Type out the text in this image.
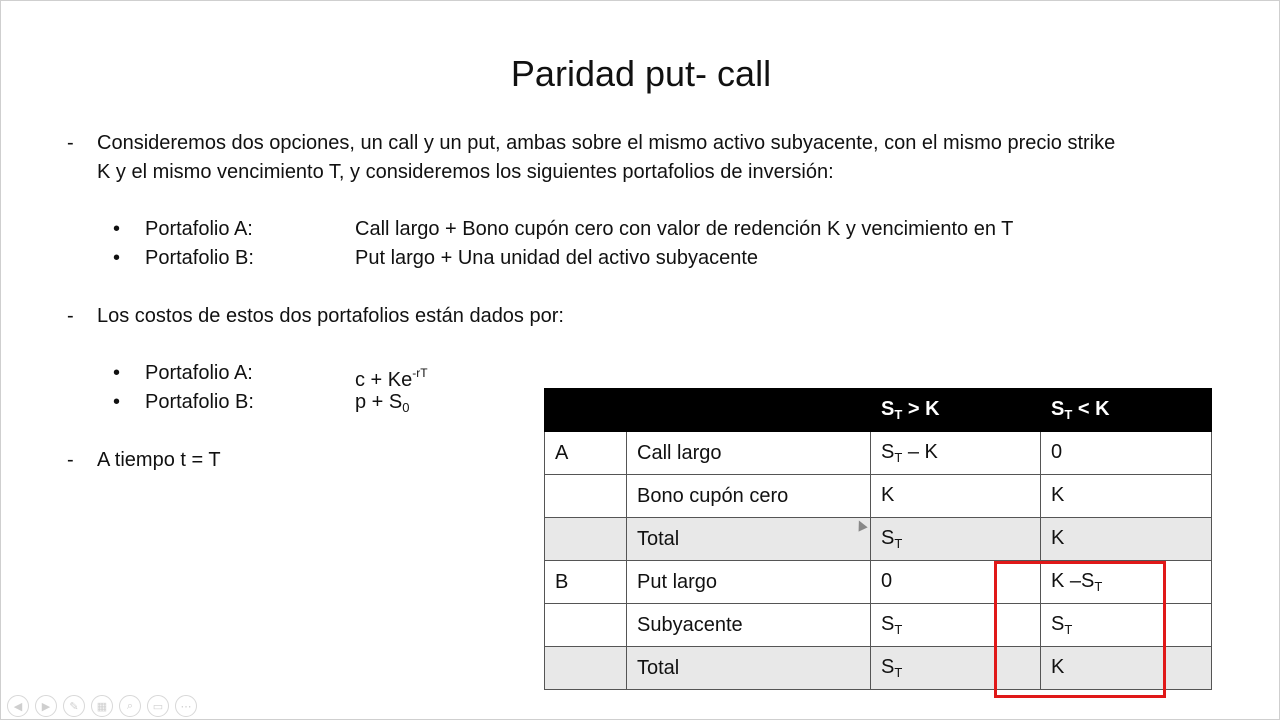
Paridad put- call
- Consideremos dos opciones, un call y un put, ambas sobre el mismo activo subyacente, con el mismo precio strike
K y el mismo vencimiento T, y consideremos los siguientes portafolios de inversión:
• Portafolio A:	Call largo + Bono cupón cero con valor de redención K y vencimiento en T
• Portafolio B:	Put largo + Una unidad del activo subyacente
- Los costos de estos dos portafolios están dados por:
• Portafolio A:	$c + Ke^{-rT}$
• Portafolio B:	$p + S_0$
- A tiempo t = T
		$S_T > K$	$S_T < K$
A	Call largo	$S_T$ – K	0
	Bono cupón cero	K	K
	Total	$S_T$	K
B	Put largo	0	K $-S_T$
	Subyacente	$S_T$	$S_T$
	Total	$S_T$	K
◀	▶	✎	▦	⌕	▭	⋯
